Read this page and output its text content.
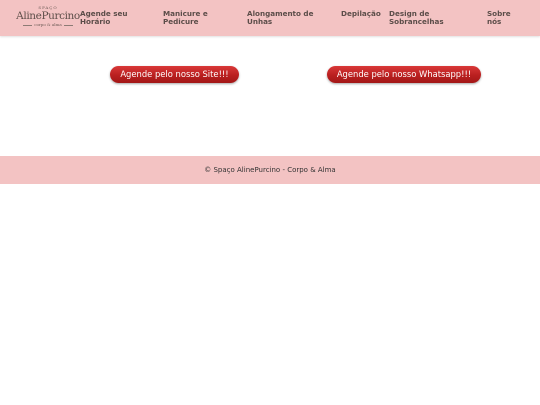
SPAÇO
AlinePurcino
corpo & alma
Agende seu
Horário
Manicure e
Pedicure
Alongamento de
Unhas
Depilação Design de
Sobrancelhas
Sobre
nós
Agende pelo nosso Site!!!	Agende pelo nosso Whatsapp!!!
© Spaço AlinePurcino - Corpo & Alma
